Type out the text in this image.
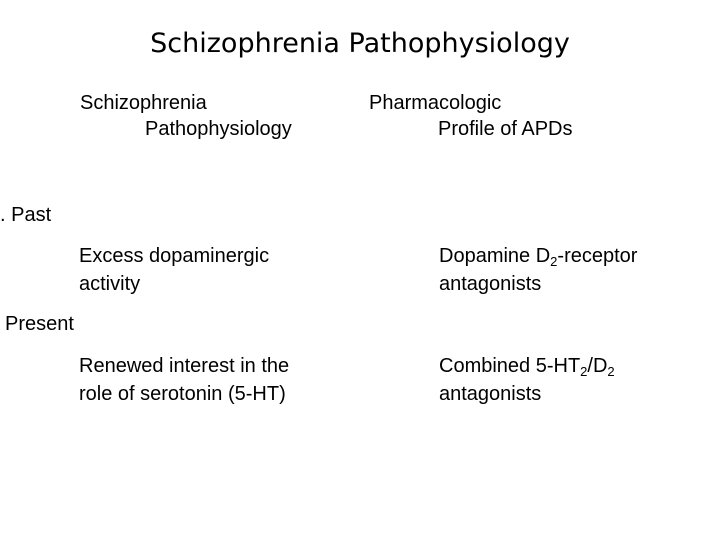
Schizophrenia Pathophysiology
Schizophrenia
Pathophysiology
Pharmacologic
Profile of APDs
. Past
Excess dopaminergic
activity
Dopamine $D_2$-receptor
antagonists
Present
Renewed interest in the
role of serotonin (5-HT)
Combined $5-HT_2/D_2$
antagonists
